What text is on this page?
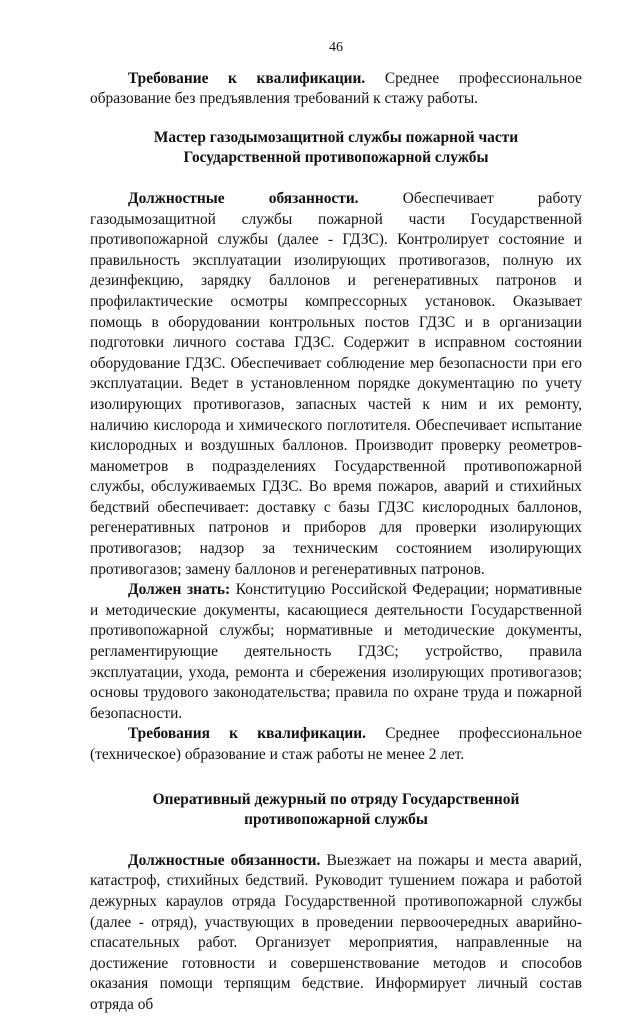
46

Требование к квалификации. Среднее профессиональное образование без предъявления требований к стажу работы.

Мастер газодымозащитной службы пожарной части
Государственной противопожарной службы

Должностные обязанности. Обеспечивает работу газодымозащитной службы пожарной части Государственной противопожарной службы (далее - ГДЗС). Контролирует состояние и правильность эксплуатации изолирующих противогазов, полную их дезинфекцию, зарядку баллонов и регенеративных патронов и профилактические осмотры компрессорных установок. Оказывает помощь в оборудовании контрольных постов ГДЗС и в организации подготовки личного состава ГДЗС. Содержит в исправном состоянии оборудование ГДЗС. Обеспечивает соблюдение мер безопасности при его эксплуатации. Ведет в установленном порядке документацию по учету изолирующих противогазов, запасных частей к ним и их ремонту, наличию кислорода и химического поглотителя. Обеспечивает испытание кислородных и воздушных баллонов. Производит проверку реометров-манометров в подразделениях Государственной противопожарной службы, обслуживаемых ГДЗС. Во время пожаров, аварий и стихийных бедствий обеспечивает: доставку с базы ГДЗС кислородных баллонов, регенеративных патронов и приборов для проверки изолирующих противогазов; надзор за техническим состоянием изолирующих противогазов; замену баллонов и регенеративных патронов.

Должен знать: Конституцию Российской Федерации; нормативные и методические документы, касающиеся деятельности Государственной противопожарной службы; нормативные и методические документы, регламентирующие деятельность ГДЗС; устройство, правила эксплуатации, ухода, ремонта и сбережения изолирующих противогазов; основы трудового законодательства; правила по охране труда и пожарной безопасности.

Требования к квалификации. Среднее профессиональное (техническое) образование и стаж работы не менее 2 лет.

Оперативный дежурный по отряду Государственной
противопожарной службы

Должностные обязанности. Выезжает на пожары и места аварий, катастроф, стихийных бедствий. Руководит тушением пожара и работой дежурных караулов отряда Государственной противопожарной службы (далее - отряд), участвующих в проведении первоочередных аварийно-спасательных работ. Организует мероприятия, направленные на достижение готовности и совершенствование методов и способов оказания помощи терпящим бедствие. Информирует личный состав отряда об
